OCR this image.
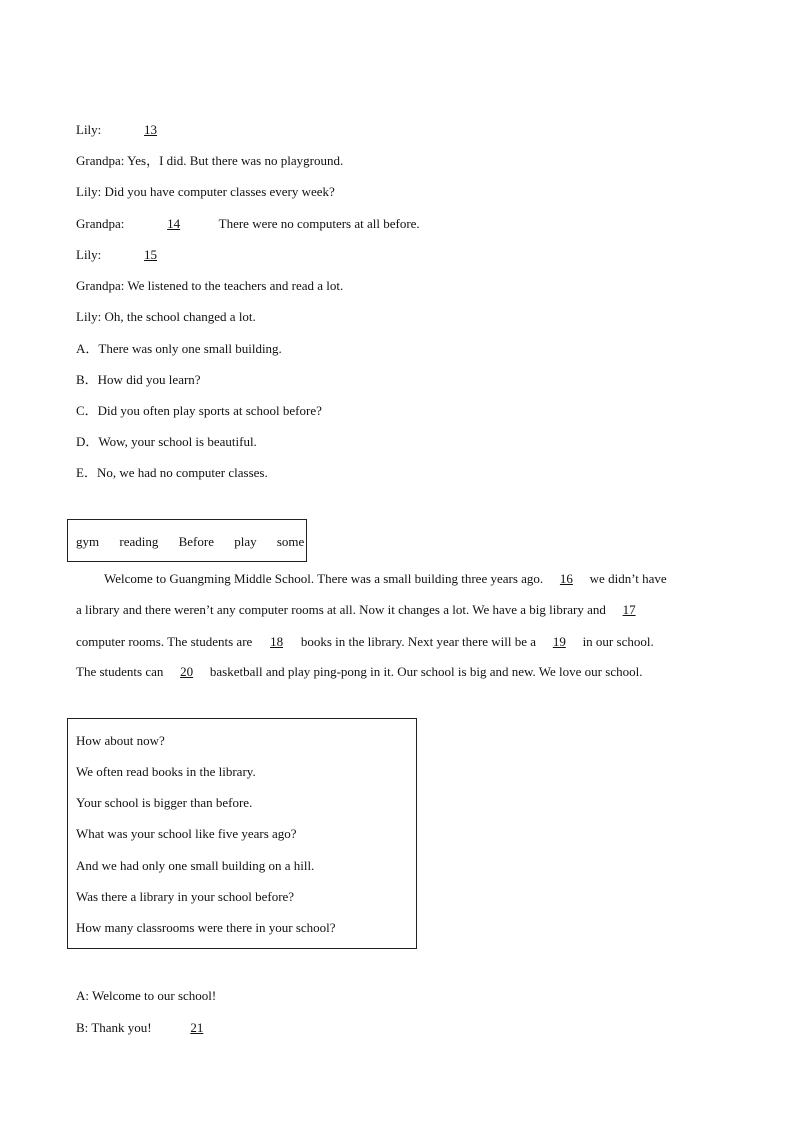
Lily:	13
Grandpa: Yes，I did. But there was no playground.
Lily: Did you have computer classes every week?
Grandpa:	14	There were no computers at all before.
Lily:	15
Grandpa: We listened to the teachers and read a lot.
Lily: Oh, the school changed a lot.
A．There was only one small building.
B．How did you learn?
C．Did you often play sports at school before?
D．Wow, your school is beautiful.
E．No, we had no computer classes.
gym reading Before play some
Welcome to Guangming Middle School. There was a small building three years ago. 16 we didn’t have
a library and there weren’t any computer rooms at all. Now it changes a lot. We have a big library and 17
computer rooms. The students are 18 books in the library. Next year there will be a 19 in our school.
The students can 20 basketball and play ping-pong in it. Our school is big and new. We love our school.
How about now?
We often read books in the library.
Your school is bigger than before.
What was your school like five years ago?
And we had only one small building on a hill.
Was there a library in your school before?
How many classrooms were there in your school?
A: Welcome to our school!
B: Thank you!	21
